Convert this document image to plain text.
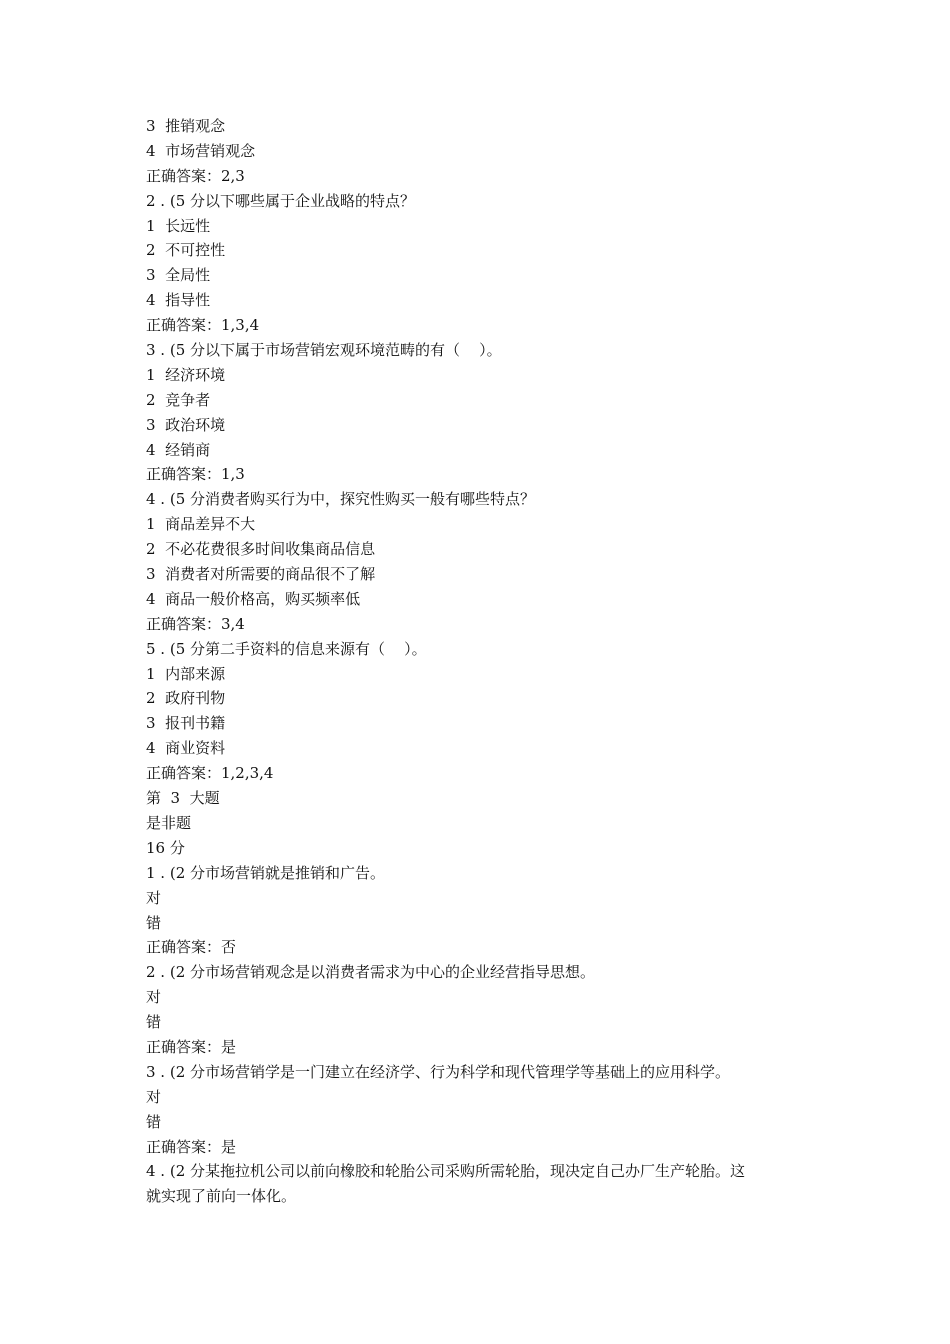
3  推销观念
4  市场营销观念
正确答案：2,3
2 . (5 分以下哪些属于企业战略的特点？
1  长远性
2  不可控性
3  全局性
4  指导性
正确答案：1,3,4
3 . (5 分以下属于市场营销宏观环境范畴的有（    ）。
1  经济环境
2  竞争者
3  政治环境
4  经销商
正确答案：1,3
4 . (5 分消费者购买行为中，探究性购买一般有哪些特点？
1  商品差异不大
2  不必花费很多时间收集商品信息
3  消费者对所需要的商品很不了解
4  商品一般价格高，购买频率低
正确答案：3,4
5 . (5 分第二手资料的信息来源有（    ）。
1  内部来源
2  政府刊物
3  报刊书籍
4  商业资料
正确答案：1,2,3,4
第  3  大题
是非题
16 分
1 . (2 分市场营销就是推销和广告。
对
错
正确答案：否
2 . (2 分市场营销观念是以消费者需求为中心的企业经营指导思想。
对
错
正确答案：是
3 . (2 分市场营销学是一门建立在经济学、行为科学和现代管理学等基础上的应用科学。
对
错
正确答案：是
4 . (2 分某拖拉机公司以前向橡胶和轮胎公司采购所需轮胎，现决定自己办厂生产轮胎。这
就实现了前向一体化。
